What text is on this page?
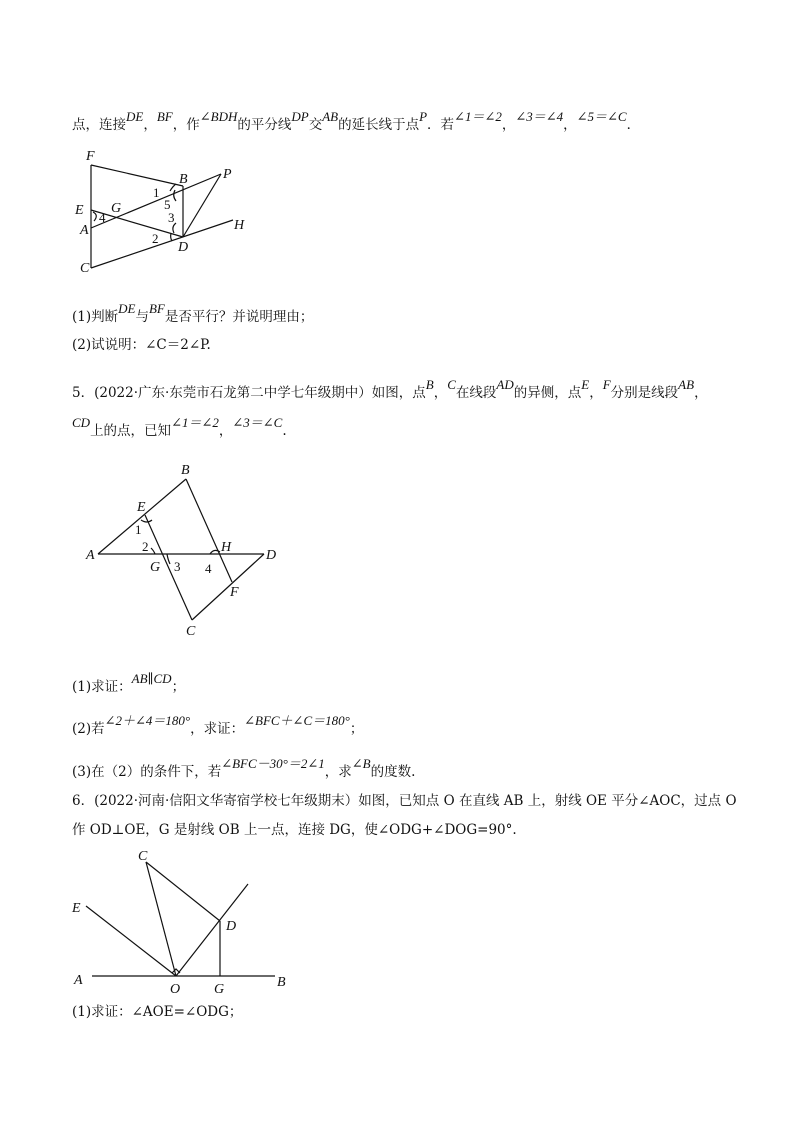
点，连接DE，BF，作∠BDH的平分线DP交AB的延长线于点P．若∠1＝∠2，∠3＝∠4，∠5＝∠C．
F
B	P
E G
A
D
H
C
1
5
3
2
4
(1)判断DE与BF是否平行？并说明理由；
(2)试说明：∠C＝2∠P.
5．(2022·广东·东莞市石龙第二中学七年级期中）如图，点B，C在线段AD的异侧，点E，F分别是线段AB，
CD上的点，已知∠1＝∠2，∠3＝∠C.
B
E
1
2
A
G 3
H
4
D
F
C
(1)求证：AB∥CD；
(2)若∠2＋∠4＝180°，求证：∠BFC＋∠C＝180°；
(3)在（2）的条件下，若∠BFC－30°＝2∠1，求∠B的度数.
6．(2022·河南·信阳文华寄宿学校七年级期末）如图，已知点 O 在直线 AB 上，射线 OE 平分∠AOC，过点 O
作 OD⊥OE，G 是射线 OB 上一点，连接 DG，使∠ODG+∠DOG=90°.
C
E
D
A
O G	B
(1)求证：∠AOE=∠ODG；
